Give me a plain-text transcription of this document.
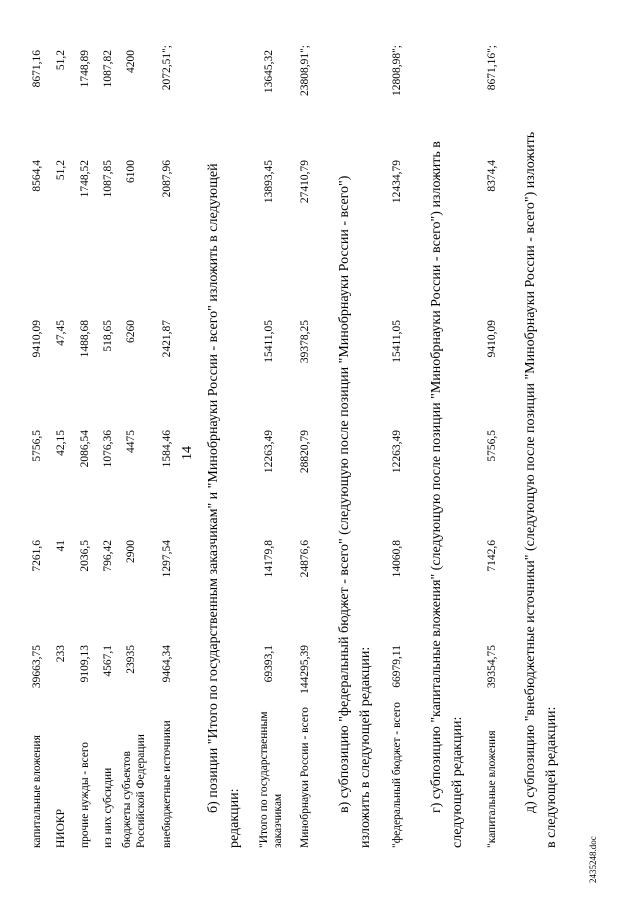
14
капитальные вложения
39663,75
7261,6
5756,5
9410,09
8564,4
8671,16
НИОКР
233
41
42,15
47,45
51,2
51,2
прочие нужды - всего
9109,13
2036,5
2086,54
1488,68
1748,52
1748,89
из них субсидии
4567,1
796,42
1076,36
518,65
1087,85
1087,82
бюджеты субъектов Российской Федерации
23935
2900
4475
6260
6100
4200
внебюджетные источники
9464,34
1297,54
1584,46
2421,87
2087,96
2072,51";
б) позиции "Итого по государственным заказчикам" и "Минобрнауки России - всего" изложить в следующей
редакции: "Итого по государственным заказчикам
69393,1
14179,8
12263,49
15411,05
13893,45
13645,32
Минобрнауки России - всего
144295,39
24876,6
28820,79
39378,25
27410,79
23808,91";
в) субпозицию "федеральный бюджет - всего" (следующую после позиции "Минобрнауки России - всего") изложить в следующей редакции: "федеральный бюджет - всего
66979,11
14060,8
12263,49
15411,05
12434,79
12808,98";
г) субпозицию "капитальные вложения" (следующую после позиции "Минобрнауки России - всего") изложить в следующей редакции: "капитальные вложения
39354,75
7142,6
5756,5
9410,09
8374,4
8671,16";
д) субпозицию "внебюджетные источники" (следующую после позиции "Минобрнауки России - всего") изложить в следующей редакции:
2435248.doc
